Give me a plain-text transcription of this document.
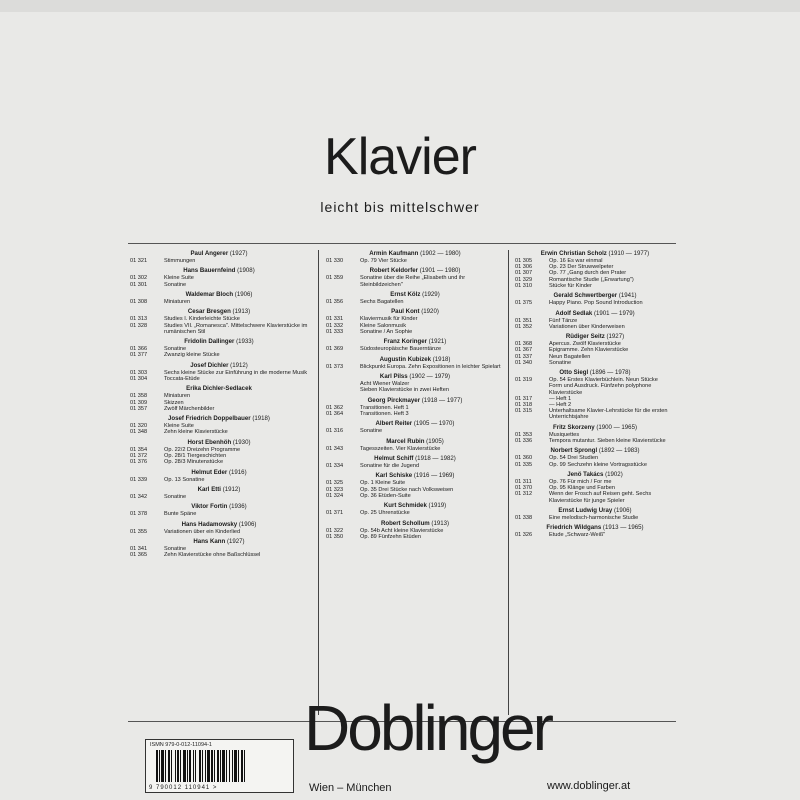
Klavier
leicht bis mittelschwer
Paul Angerer (1927)
01 321	Stimmungen
Hans Bauernfeind (1908)
01 302	Kleine Suite
01 301	Sonatine
Waldemar Bloch (1906)
01 308	Miniaturen
Cesar Bresgen (1913)
01 313	Studies I. Kinderleichte Stücke
01 328	Studies VII. „Romanesca". Mittelschwere Klavierstücke im rumänischen Stil
Fridolin Dallinger (1933)
01 366	Sonatine
01 377	Zwanzig kleine Stücke
Josef Dichler (1912)
01 303	Sechs kleine Stücke zur Einführung in die moderne Musik
01 304	Toccata-Etüde
Erika Dichler-Sedlacek
01 358	Miniaturen
01 309	Skizzen
01 357	Zwölf Märchenbilder
Josef Friedrich Doppelbauer (1918)
01 320	Kleine Suite
01 348	Zehn kleine Klavierstücke
Horst Ebenhöh (1930)
01 354	Op. 22/2 Dreizehn Programme
01 372	Op. 28/1 Tiergeschichten
01 376	Op. 28/3 Minutenstücke
Helmut Eder (1916)
01 339	Op. 13 Sonatine
Karl Etti (1912)
01 342	Sonatine
Viktor Fortin (1936)
01 378	Bunte Späne
Hans Hadamowsky (1906)
01 355	Variationen über ein Kinderlied
Hans Kann (1927)
01 341	Sonatine
01 365	Zehn Klavierstücke ohne Baßschlüssel
Armin Kaufmann (1902 — 1980)
01 330	Op. 79 Vier Stücke
Robert Keldorfer (1901 — 1980)
01 359	Sonatine über die Reihe „Elisabeth und ihr Steinbildzeichen"
Ernst Kölz (1929)
01 356	Sechs Bagatellen
Paul Kont (1920)
01 331	Klaviermusik für Kinder
01 332	Kleine Salonmusik
01 333	Sonatine / An Sophie
Franz Koringer (1921)
01 369	Südosteuropäische Bauerntänze
Augustin Kubizek (1918)
01 373	Blickpunkt Europa. Zehn Expositionen in leichter Spielart
Karl Pilss (1902 — 1979)
Acht Wiener Walzer
Sieben Klavierstücke in zwei Heften
Georg Pirckmayer (1918 — 1977)
01 362	Transitionen. Heft 1
01 364	Transitionen. Heft 3
Albert Reiter (1905 — 1970)
01 316	Sonatine
Marcel Rubin (1905)
01 343	Tagesszeiten. Vier Klavierstücke
Helmut Schiff (1918 — 1982)
01 334	Sonatine für die Jugend
Karl Schiske (1916 — 1969)
01 325	Op. 1 Kleine Suite
01 323	Op. 35 Drei Stücke nach Volksweisen
01 324	Op. 36 Etüden-Suite
Kurt Schmidek (1919)
01 371	Op. 25 Uhrenstücke
Robert Schollum (1913)
01 322	Op. 54b Acht kleine Klavierstücke
01 350	Op. 89 Fünfzehn Etüden
Erwin Christian Scholz (1910 — 1977)
01 305	Op. 16 Es war einmal
01 306	Op. 23 Der Struwwelpeter
01 307	Op. 77 „Gang durch den Prater
01 329	Romantische Studie („Erwartung")
01 310	Stücke für Kinder
Gerald Schwertberger (1941)
01 375	Happy Piano. Pop Sound Introduction
Adolf Sedlak (1901 — 1979)
01 351	Fünf Tänze
01 352	Variationen über Kinderweisen
Rüdiger Seitz (1927)
01 368	Apercus. Zwölf Klavierstücke
01 367	Epigramme. Zehn Klavierstücke
01 337	Neun Bagatellen
01 340	Sonatine
Otto Siegl (1896 — 1978)
01 319	Op. 54 Erstes Klavierbüchlein. Neun Stücke
Form und Ausdruck. Fünfzehn polyphone Klavierstücke
01 317	— Heft 1
01 318	— Heft 2
01 315	Unterhaltsame Klavier-Lehrstücke für die ersten Unterrichtsjahre
Fritz Skorzeny (1900 — 1965)
01 353	Musiquettes
01 336	Tempora mutantur. Sieben kleine Klavierstücke
Norbert Sprongl (1892 — 1983)
01 360	Op. 54 Drei Studien
01 335	Op. 99 Sechzehn kleine Vortragsstücke
Jenö Takács (1902)
01 311	Op. 76 Für mich / For me
01 370	Op. 95 Klänge und Farben
01 312	Wenn der Frosch auf Reisen geht. Sechs Klavierstücke für junge Spieler
Ernst Ludwig Uray (1906)
01 338	Eine melodisch-harmonische Studie
Friedrich Wildgans (1913 — 1965)
01 326	Etude „Schwarz-Weiß"
ISMN 979-0-012-11094-1
9 790012 110941 >
Doblinger
Wien – München	www.doblinger.at
